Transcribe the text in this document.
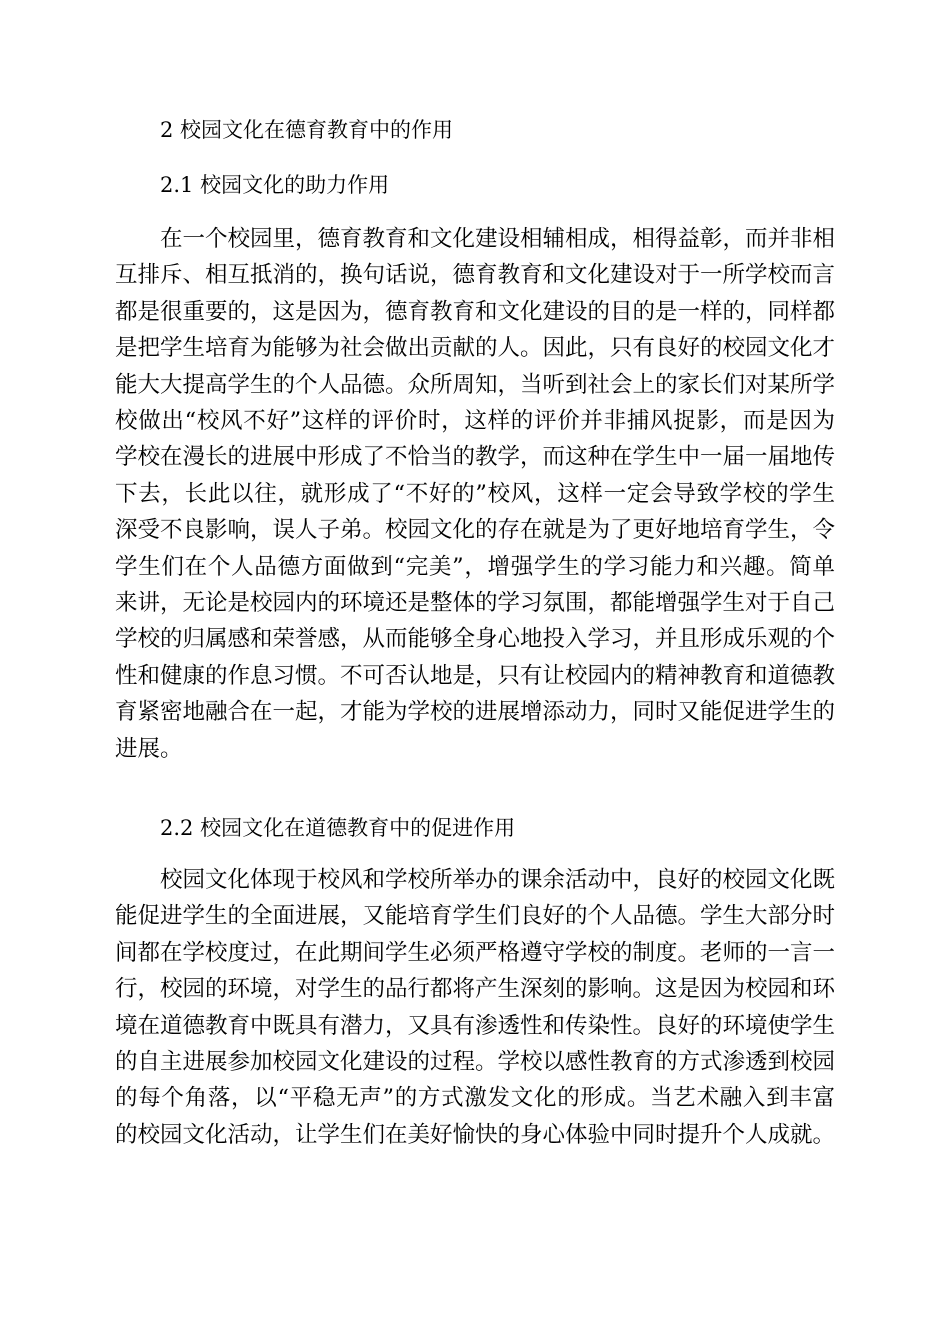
2 校园文化在德育教育中的作用
2.1 校园文化的助力作用

在一个校园里，德育教育和文化建设相辅相成，相得益彰，而并非相互排斥、相互抵消的，换句话说，德育教育和文化建设对于一所学校而言都是很重要的，这是因为，德育教育和文化建设的目的是一样的，同样都是把学生培育为能够为社会做出贡献的人。因此，只有良好的校园文化才能大大提高学生的个人品德。众所周知，当听到社会上的家长们对某所学校做出“校风不好”这样的评价时，这样的评价并非捕风捉影，而是因为学校在漫长的进展中形成了不恰当的教学，而这种在学生中一届一届地传下去，长此以往，就形成了“不好的”校风，这样一定会导致学校的学生深受不良影响，误人子弟。校园文化的存在就是为了更好地培育学生，令学生们在个人品德方面做到“完美”，增强学生的学习能力和兴趣。简单来讲，无论是校园内的环境还是整体的学习氛围，都能增强学生对于自己学校的归属感和荣誉感，从而能够全身心地投入学习，并且形成乐观的个性和健康的作息习惯。不可否认地是，只有让校园内的精神教育和道德教育紧密地融合在一起，才能为学校的进展增添动力，同时又能促进学生的进展。

2.2 校园文化在道德教育中的促进作用

校园文化体现于校风和学校所举办的课余活动中，良好的校园文化既能促进学生的全面进展，又能培育学生们良好的个人品德。学生大部分时间都在学校度过，在此期间学生必须严格遵守学校的制度。老师的一言一行，校园的环境，对学生的品行都将产生深刻的影响。这是因为校园和环境在道德教育中既具有潜力，又具有渗透性和传染性。良好的环境使学生的自主进展参加校园文化建设的过程。学校以感性教育的方式渗透到校园的每个角落，以“平稳无声”的方式激发文化的形成。当艺术融入到丰富的校园文化活动，让学生们在美好愉快的身心体验中同时提升个人成就。
